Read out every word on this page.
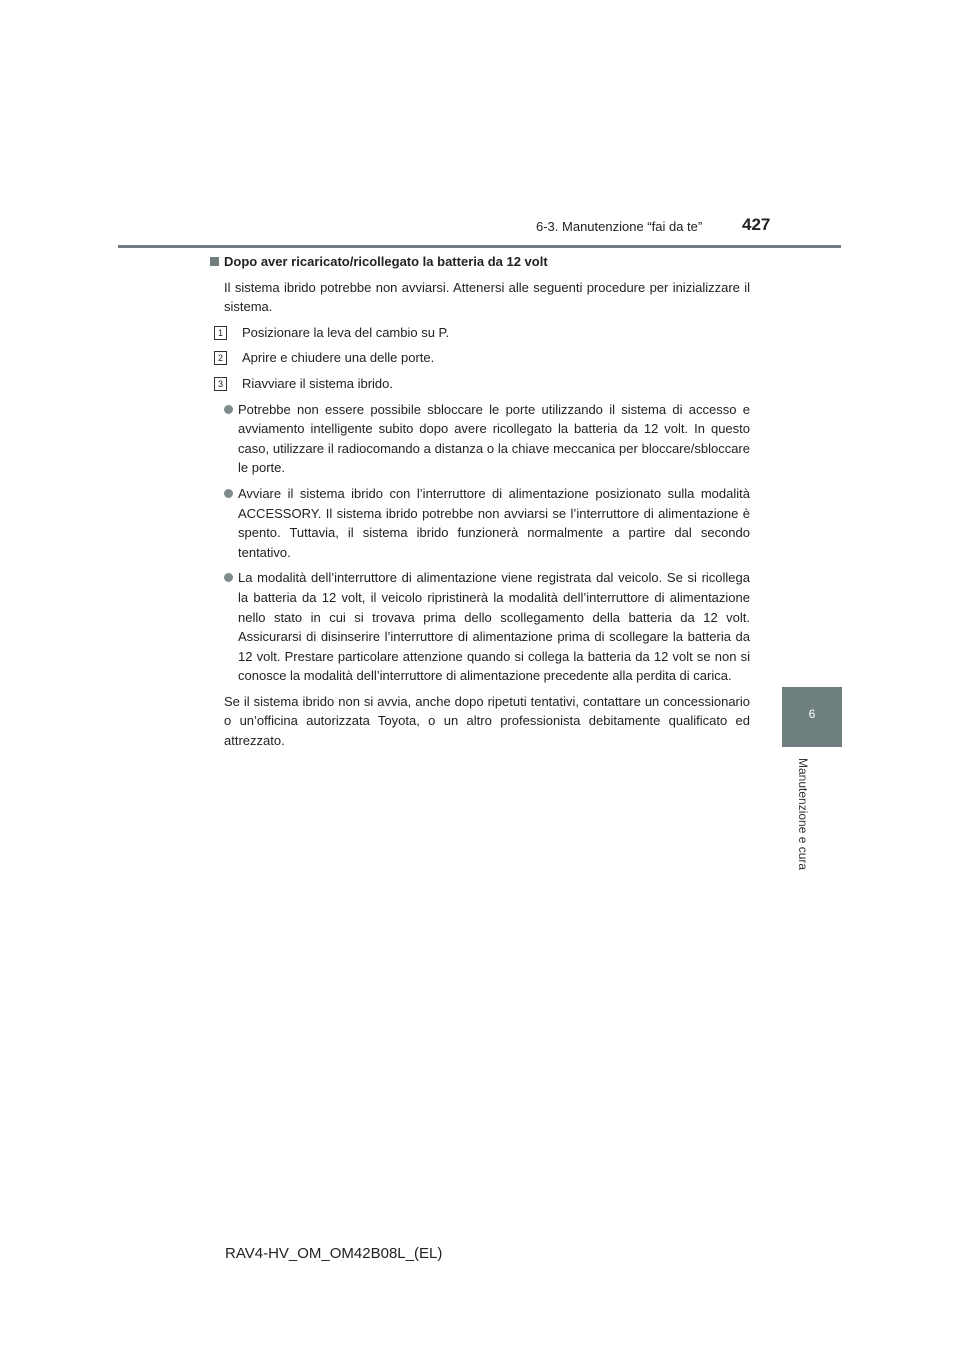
6-3. Manutenzione “fai da te” 427
6
Manutenzione e cura
Dopo aver ricaricato/ricollegato la batteria da 12 volt
Il sistema ibrido potrebbe non avviarsi. Attenersi alle seguenti procedure per inizializzare il sistema.
1	Posizionare la leva del cambio su P.
2	Aprire e chiudere una delle porte.
3	Riavviare il sistema ibrido.
Potrebbe non essere possibile sbloccare le porte utilizzando il sistema di accesso e avviamento intelligente subito dopo avere ricollegato la batteria da 12 volt. In questo caso, utilizzare il radiocomando a distanza o la chiave meccanica per bloccare/sbloccare le porte.
Avviare il sistema ibrido con l’interruttore di alimentazione posizionato sulla modalità ACCESSORY. Il sistema ibrido potrebbe non avviarsi se l’interruttore di alimentazione è spento. Tuttavia, il sistema ibrido funzionerà normalmente a partire dal secondo tentativo.
La modalità dell’interruttore di alimentazione viene registrata dal veicolo. Se si ricollega la batteria da 12 volt, il veicolo ripristinerà la modalità dell’interruttore di alimentazione nello stato in cui si trovava prima dello scollegamento della batteria da 12 volt. Assicurarsi di disinserire l’interruttore di alimentazione prima di scollegare la batteria da 12 volt. Prestare particolare attenzione quando si collega la batteria da 12 volt se non si conosce la modalità dell’interruttore di alimentazione precedente alla perdita di carica.
Se il sistema ibrido non si avvia, anche dopo ripetuti tentativi, contattare un concessionario o un’officina autorizzata Toyota, o un altro professionista debitamente qualificato ed attrezzato.
RAV4-HV_OM_OM42B08L_(EL)
